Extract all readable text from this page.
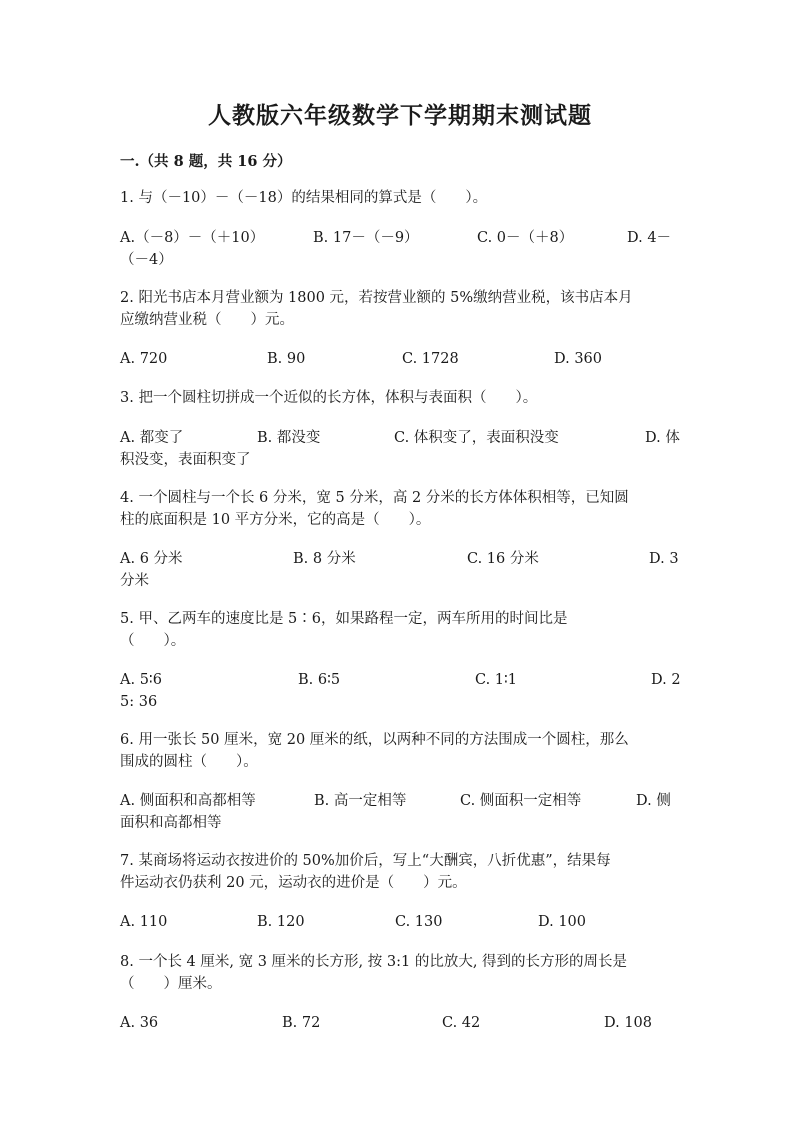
人教版六年级数学下学期期末测试题
一.（共 8 题，共 16 分）
1. 与（－10）－（－18）的结果相同的算式是（　　）。
A.（－8）－（＋10）	B. 17－（－9）	C. 0－（＋8）	D. 4－
（－4）
2. 阳光书店本月营业额为 1800 元，若按营业额的 5%缴纳营业税，该书店本月
应缴纳营业税（　　）元。
A. 720	B. 90	C. 1728	D. 360
3. 把一个圆柱切拼成一个近似的长方体，体积与表面积（　　）。
A. 都变了	B. 都没变	C. 体积变了，表面积没变	D. 体
积没变，表面积变了
4. 一个圆柱与一个长 6 分米，宽 5 分米，高 2 分米的长方体体积相等，已知圆
柱的底面积是 10 平方分米，它的高是（　　）。
A. 6 分米	B. 8 分米	C. 16 分米	D. 3
分米
5. 甲、乙两车的速度比是 5∶6，如果路程一定，两车所用的时间比是
（　　）。
A. 5∶6	B. 6∶5	C. 1∶1	D. 2
5: 36
6. 用一张长 50 厘米，宽 20 厘米的纸，以两种不同的方法围成一个圆柱，那么
围成的圆柱（　　）。
A. 侧面积和高都相等	B. 高一定相等	C. 侧面积一定相等	D. 侧
面积和高都相等
7. 某商场将运动衣按进价的 50%加价后，写上“大酬宾，八折优惠”，结果每
件运动衣仍获利 20 元，运动衣的进价是（　　）元。
A. 110	B. 120	C. 130	D. 100
8. 一个长 4 厘米, 宽 3 厘米的长方形, 按 3:1 的比放大, 得到的长方形的周长是
（　　）厘米。
A. 36	B. 72	C. 42	D. 108
